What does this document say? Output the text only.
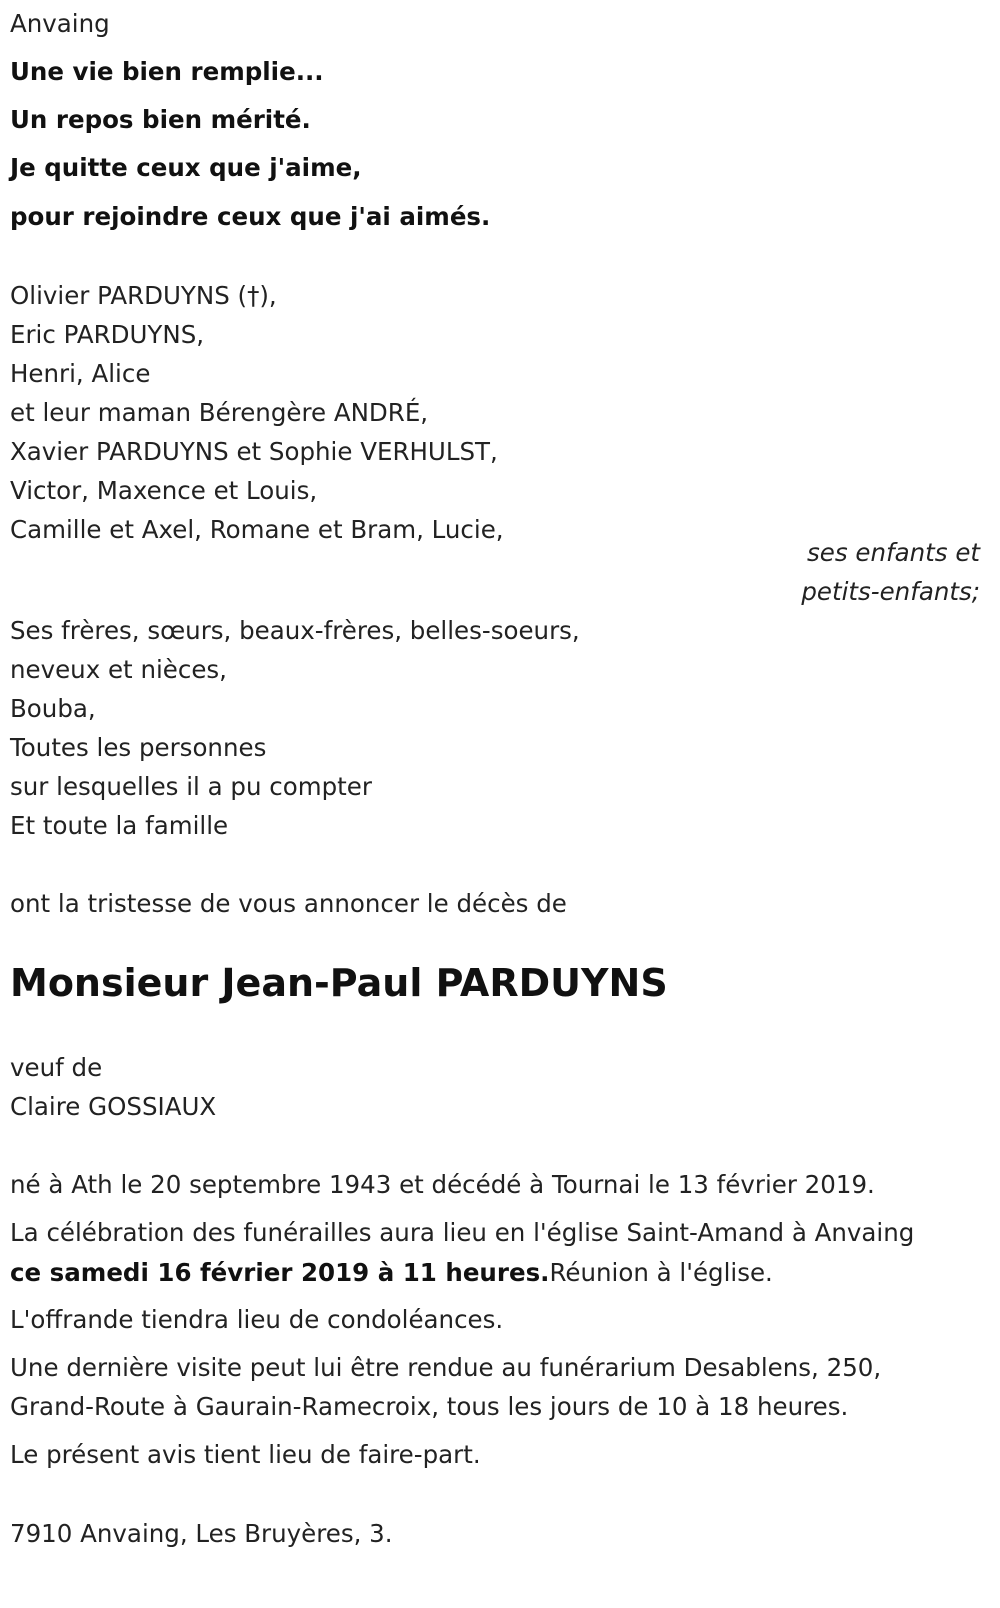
Anvaing
Une vie bien remplie...
Un repos bien mérité.
Je quitte ceux que j'aime,
pour rejoindre ceux que j'ai aimés.
Olivier PARDUYNS (†),
Eric PARDUYNS,
Henri, Alice
et leur maman Bérengère ANDRÉ,
Xavier PARDUYNS et Sophie VERHULST,
Victor, Maxence et Louis,
Camille et Axel, Romane et Bram, Lucie,
ses enfants et
petits-enfants;
Ses frères, sœurs, beaux-frères, belles-soeurs,
neveux et nièces,
Bouba,
Toutes les personnes
sur lesquelles il a pu compter
Et toute la famille
ont la tristesse de vous annoncer le décès de
Monsieur Jean-Paul PARDUYNS
veuf de
Claire GOSSIAUX
né à Ath le 20 septembre 1943 et décédé à Tournai le 13 février 2019.
La célébration des funérailles aura lieu en l'église Saint-Amand à Anvaing
ce samedi 16 février 2019 à 11 heures.Réunion à l'église.
L'offrande tiendra lieu de condoléances.
Une dernière visite peut lui être rendue au funérarium Desablens, 250,
Grand-Route à Gaurain-Ramecroix, tous les jours de 10 à 18 heures.
Le présent avis tient lieu de faire-part.
7910 Anvaing, Les Bruyères, 3.
